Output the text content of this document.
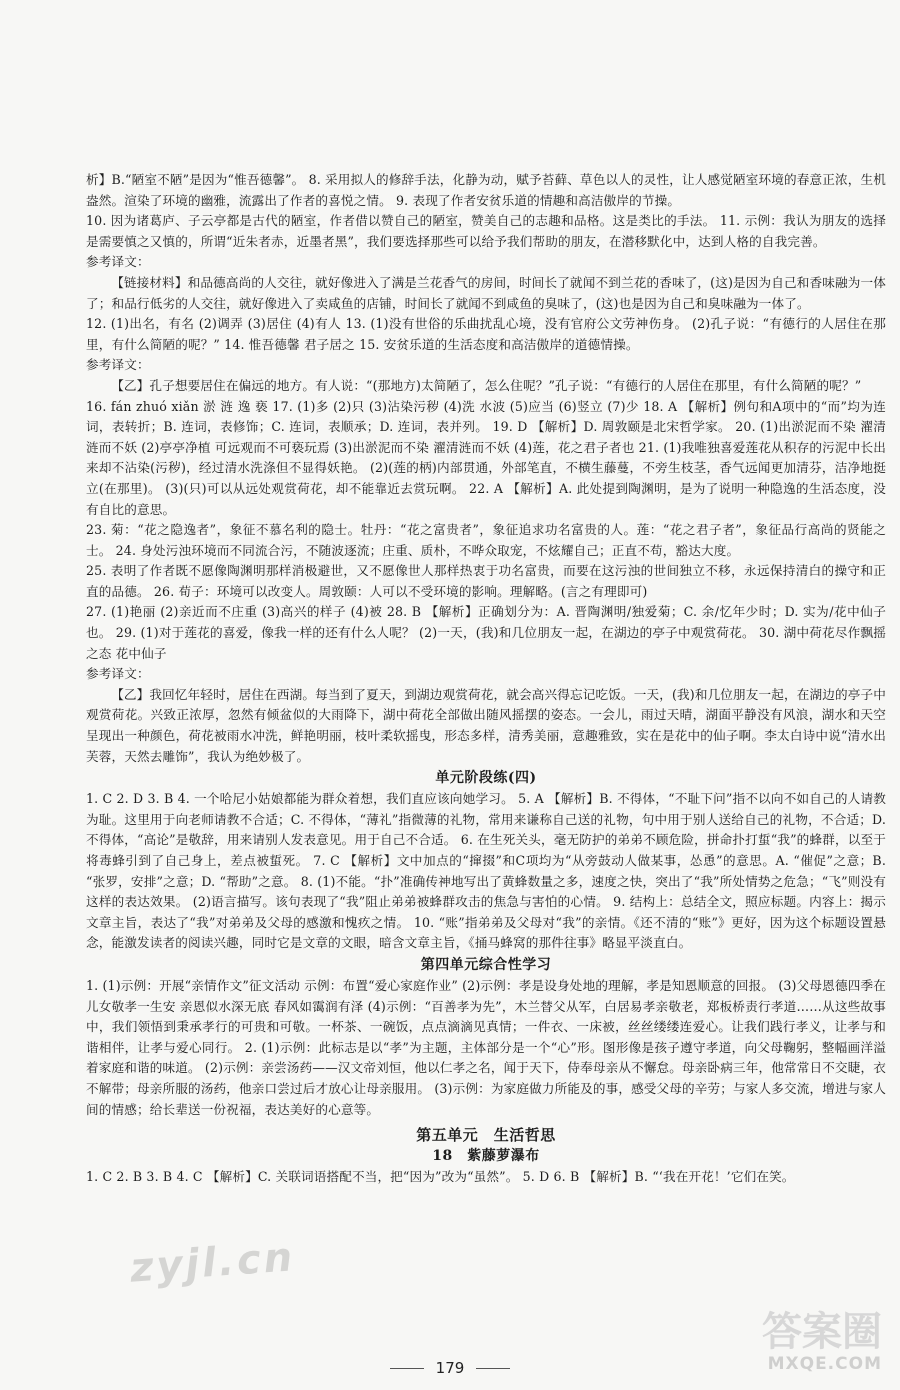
析】B.“陋室不陋”是因为“惟吾德馨”。 8. 采用拟人的修辞手法，化静为动，赋予苔藓、草色以人的灵性，让人感觉陋室环境的春意正浓，生机盎然。渲染了环境的幽雅，流露出了作者的喜悦之情。 9. 表现了作者安贫乐道的情趣和高洁傲岸的节操。

10. 因为诸葛庐、子云亭都是古代的陋室，作者借以赞自己的陋室，赞美自己的志趣和品格。这是类比的手法。 11. 示例：我认为朋友的选择是需要慎之又慎的，所谓“近朱者赤，近墨者黑”，我们要选择那些可以给予我们帮助的朋友，在潜移默化中，达到人格的自我完善。

参考译文：

【链接材料】和品德高尚的人交往，就好像进入了满是兰花香气的房间，时间长了就闻不到兰花的香味了，(这)是因为自己和香味融为一体了；和品行低劣的人交往，就好像进入了卖咸鱼的店铺，时间长了就闻不到咸鱼的臭味了，(这)也是因为自己和臭味融为一体了。

12. (1)出名，有名 (2)调弄 (3)居住 (4)有人 13. (1)没有世俗的乐曲扰乱心境，没有官府公文劳神伤身。 (2)孔子说：“有德行的人居住在那里，有什么简陋的呢？” 14. 惟吾德馨 君子居之 15. 安贫乐道的生活态度和高洁傲岸的道德情操。

参考译文：

【乙】孔子想要居住在偏远的地方。有人说：“(那地方)太简陋了，怎么住呢？”孔子说：“有德行的人居住在那里，有什么简陋的呢？”

16. fán zhuó xiǎn 淤 涟 逸 亵 17. (1)多 (2)只 (3)沾染污秽 (4)洗 水波 (5)应当 (6)竖立 (7)少 18. A 【解析】例句和A项中的“而”均为连词，表转折；B. 连词，表修饰；C. 连词，表顺承；D. 连词，表并列。 19. D 【解析】D. 周敦颐是北宋哲学家。 20. (1)出淤泥而不染 濯清涟而不妖 (2)亭亭净植 可远观而不可亵玩焉 (3)出淤泥而不染 濯清涟而不妖 (4)莲，花之君子者也 21. (1)我唯独喜爱莲花从积存的污泥中长出来却不沾染(污秽)，经过清水洗涤但不显得妖艳。 (2)(莲的柄)内部贯通，外部笔直，不横生藤蔓，不旁生枝茎，香气远闻更加清芬，洁净地挺立(在那里)。 (3)(只)可以从远处观赏荷花，却不能靠近去赏玩啊。 22. A 【解析】A. 此处提到陶渊明，是为了说明一种隐逸的生活态度，没有自比的意思。

23. 菊：“花之隐逸者”，象征不慕名利的隐士。牡丹：“花之富贵者”，象征追求功名富贵的人。莲：“花之君子者”，象征品行高尚的贤能之士。 24. 身处污浊环境而不同流合污，不随波逐流；庄重、质朴，不哗众取宠，不炫耀自己；正直不苟，豁达大度。

25. 表明了作者既不愿像陶渊明那样消极避世，又不愿像世人那样热衷于功名富贵，而要在这污浊的世间独立不移，永远保持清白的操守和正直的品德。 26. 荀子：环境可以改变人。周敦颐：人可以不受环境的影响。理解略。(言之有理即可)

27. (1)艳丽 (2)亲近而不庄重 (3)高兴的样子 (4)被 28. B 【解析】正确划分为：A. 晋陶渊明/独爱菊；C. 余/忆年少时；D. 实为/花中仙子也。 29. (1)对于莲花的喜爱，像我一样的还有什么人呢？ (2)一天，(我)和几位朋友一起，在湖边的亭子中观赏荷花。 30. 湖中荷花尽作飘摇之态 花中仙子

参考译文：

【乙】我回忆年轻时，居住在西湖。每当到了夏天，到湖边观赏荷花，就会高兴得忘记吃饭。一天，(我)和几位朋友一起，在湖边的亭子中观赏荷花。兴致正浓厚，忽然有倾盆似的大雨降下，湖中荷花全部做出随风摇摆的姿态。一会儿，雨过天晴，湖面平静没有风浪，湖水和天空呈现出一种颜色，荷花被雨水冲洗，鲜艳明丽，枝叶柔软摇曳，形态多样，清秀美丽，意趣雅致，实在是花中的仙子啊。李太白诗中说“清水出芙蓉，天然去雕饰”，我认为绝妙极了。

单元阶段练(四)

1. C 2. D 3. B 4. 一个哈尼小姑娘都能为群众着想，我们直应该向她学习。 5. A 【解析】B. 不得体，“不耻下问”指不以向不如自己的人请教为耻。这里用于向老师请教不合适；C. 不得体，“薄礼”指微薄的礼物，常用来谦称自己送的礼物，句中用于别人送给自己的礼物，不合适；D. 不得体，“高论”是敬辞，用来请别人发表意见。用于自己不合适。 6. 在生死关头，毫无防护的弟弟不顾危险，拼命扑打蜇“我”的蜂群，以至于将毒蜂引到了自己身上，差点被蜇死。 7. C 【解析】文中加点的“撺掇”和C项均为“从旁鼓动人做某事，怂恿”的意思。A. “催促”之意；B. “张罗，安排”之意；D. “帮助”之意。 8. (1)不能。“扑”准确传神地写出了黄蜂数量之多，速度之快，突出了“我”所处情势之危急；“飞”则没有这样的表达效果。 (2)语言描写。该句表现了“我”阻止弟弟被蜂群攻击的焦急与害怕的心情。 9. 结构上：总结全文，照应标题。内容上：揭示文章主旨，表达了“我”对弟弟及父母的感激和愧疚之情。 10. “账”指弟弟及父母对“我”的亲情。《还不清的“账”》更好，因为这个标题设置悬念，能激发读者的阅读兴趣，同时它是文章的文眼，暗含文章主旨，《捅马蜂窝的那件往事》略显平淡直白。

第四单元综合性学习

1. (1)示例：开展“亲情作文”征文活动 示例：布置“爱心家庭作业” (2)示例：孝是设身处地的理解，孝是知恩顺意的回报。 (3)父母恩德四季在 儿女敬孝一生安 亲恩似水深无底 春风如霭润有泽 (4)示例：“百善孝为先”，木兰替父从军，白居易孝亲敬老，郑板桥责行孝道……从这些故事中，我们领悟到秉承孝行的可贵和可敬。一杯茶、一碗饭，点点滴滴见真情；一件衣、一床被，丝丝缕缕连爱心。让我们践行孝义，让孝与和谐相伴，让孝与爱心同行。 2. (1)示例：此标志是以“孝”为主题，主体部分是一个“心”形。图形像是孩子遵守孝道，向父母鞠躬，整幅画洋溢着家庭和谐的味道。 (2)示例：亲尝汤药——汉文帝刘恒，他以仁孝之名，闻于天下，侍奉母亲从不懈怠。母亲卧病三年，他常常日不交睫，衣不解带；母亲所服的汤药，他亲口尝过后才放心让母亲服用。 (3)示例：为家庭做力所能及的事，感受父母的辛劳；与家人多交流，增进与家人间的情感；给长辈送一份祝福，表达美好的心意等。

第五单元　生活哲思
18　紫藤萝瀑布

1. C 2. B 3. B 4. C 【解析】C. 关联词语搭配不当，把“因为”改为“虽然”。 5. D 6. B 【解析】B. “‘我在开花！’它们在笑。

179
zyjl.cn
答案圈
MXQE.COM
